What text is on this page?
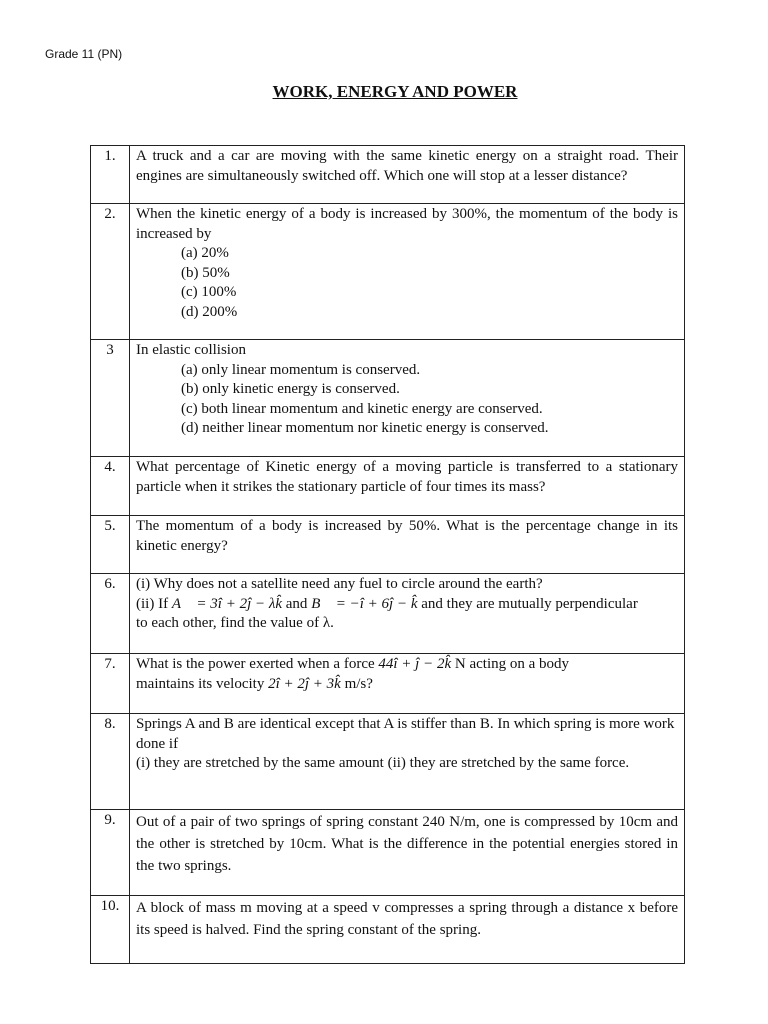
Grade 11 (PN)
WORK, ENERGY AND POWER
1.	A truck and a car are moving with the same kinetic energy on a straight road. Their engines are simultaneously switched off. Which one will stop at a lesser distance?
2.	When the kinetic energy of a body is increased by 300%, the momentum of the body is increased by
(a) 20%
(b) 50%
(c) 100%
(d) 200%

3	In elastic collision
(a) only linear momentum is conserved.
(b) only kinetic energy is conserved.
(c) both linear momentum and kinetic energy are conserved.
(d) neither linear momentum nor kinetic energy is conserved.

4.	What percentage of Kinetic energy of a moving particle is transferred to a stationary particle when it strikes the stationary particle of four times its mass?
5.	The momentum of a body is increased by 50%. What is the percentage change in its kinetic energy?
6.	(i) Why does not a satellite need any fuel to circle around the earth?
(ii) If A⃗ = 3î + 2ĵ − λk̂ and B⃗ = −î + 6ĵ − k̂ and they are mutually perpendicular
to each other, find the value of λ.

7.	What is the power exerted when a force 44î + ĵ − 2k̂ N acting on a body
maintains its velocity 2î + 2ĵ + 3k̂ m/s?

8.	Springs A and B are identical except that A is stiffer than B. In which spring is more work done if
(i) they are stretched by the same amount (ii) they are stretched by the same force.

9.	Out of a pair of two springs of spring constant 240 N/m, one is compressed by 10cm and the other is stretched by 10cm. What is the difference in the potential energies stored in the two springs.
10.	A block of mass m moving at a speed v compresses a spring through a distance x before its speed is halved. Find the spring constant of the spring.
